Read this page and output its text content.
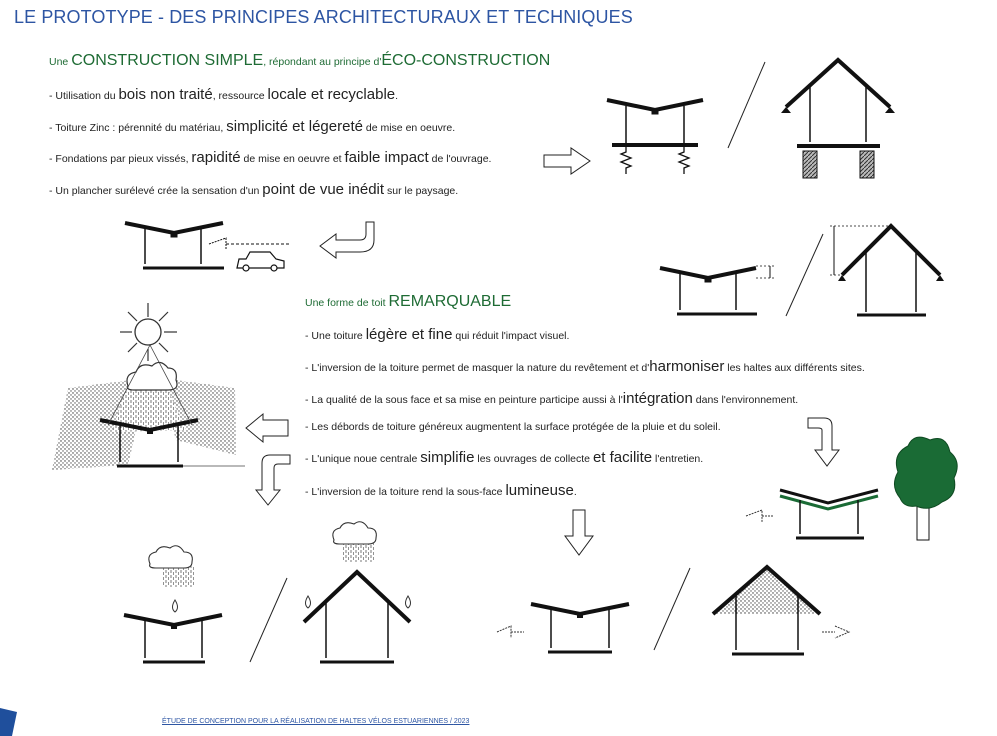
LE PROTOTYPE - DES PRINCIPES ARCHITECTURAUX ET TECHNIQUES
Une CONSTRUCTION SIMPLE, répondant au principe d'ÉCO-CONSTRUCTION
- Utilisation du bois non traité, ressource locale et recyclable.
- Toiture Zinc : pérennité du matériau, simplicité et légereté de mise en oeuvre.
- Fondations par pieux vissés, rapidité de mise en oeuvre et faible impact de l'ouvrage.
- Un plancher surélevé crée la sensation d'un point de vue inédit sur le paysage.
Une forme de toit REMARQUABLE
- Une toiture légère et fine qui réduit l'impact visuel.
- L'inversion de la toiture permet de masquer la nature du revêtement et d'harmoniser les haltes aux différents sites.
- La qualité de la sous face et sa mise en peinture participe aussi à l'intégration dans l'environnement.
- Les débords de toiture généreux augmentent la surface protégée de la pluie et du soleil.
- L'unique noue centrale simplifie les ouvrages de collecte et facilite l'entretien.
- L'inversion de la toiture rend la sous-face lumineuse.
ÉTUDE DE CONCEPTION POUR LA RÉALISATION DE HALTES VÉLOS ESTUARIENNES / 2023
